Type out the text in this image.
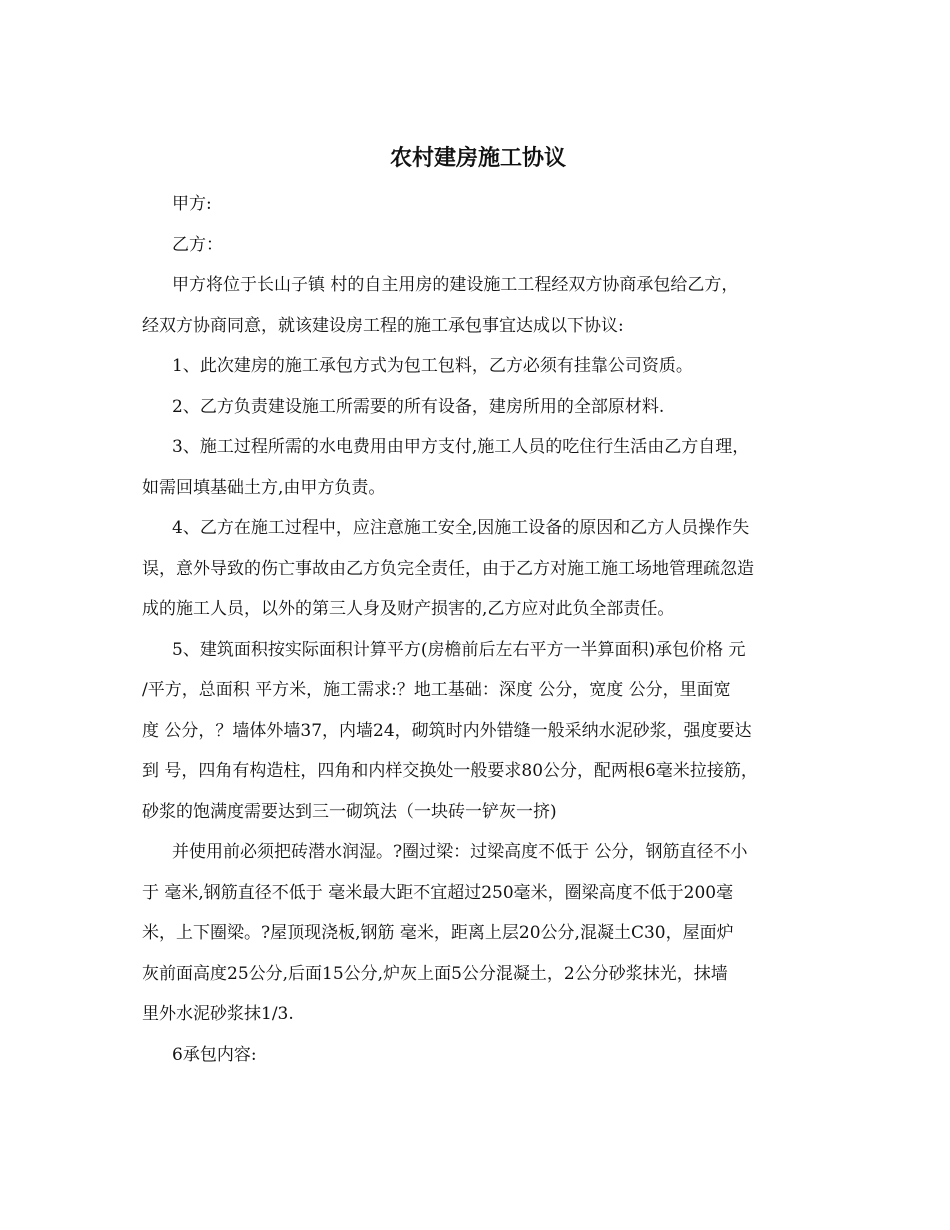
农村建房施工协议
甲方:
乙方：
甲方将位于长山子镇 村的自主用房的建设施工工程经双方协商承包给乙方，
经双方协商同意，就该建设房工程的施工承包事宜达成以下协议:
1、此次建房的施工承包方式为包工包料，乙方必须有挂靠公司资质。
2、乙方负责建设施工所需要的所有设备，建房所用的全部原材料.
3、施工过程所需的水电费用由甲方支付,施工人员的吃住行生活由乙方自理，
如需回填基础土方,由甲方负责。
4、乙方在施工过程中，应注意施工安全,因施工设备的原因和乙方人员操作失
误，意外导致的伤亡事故由乙方负完全责任，由于乙方对施工施工场地管理疏忽造
成的施工人员，以外的第三人身及财产损害的,乙方应对此负全部责任。
5、建筑面积按实际面积计算平方(房檐前后左右平方一半算面积)承包价格 元
/平方，总面积 平方米，施工需求:？地工基础：深度 公分，宽度 公分，里面宽
度 公分，？墙体外墙37，内墙24，砌筑时内外错缝一般采纳水泥砂浆，强度要达
到 号，四角有构造柱，四角和内样交换处一般要求80公分，配两根6毫米拉接筋，
砂浆的饱满度需要达到三一砌筑法（一块砖一铲灰一挤)
并使用前必须把砖潜水润湿。?圈过梁：过梁高度不低于 公分，钢筋直径不小
于 毫米,钢筋直径不低于 毫米最大距不宜超过250毫米，圈梁高度不低于200毫
米，上下圈梁。?屋顶现浇板,钢筋 毫米，距离上层20公分,混凝土C30，屋面炉
灰前面高度25公分,后面15公分,炉灰上面5公分混凝土，2公分砂浆抹光，抹墙
里外水泥砂浆抹1/3.
6承包内容:
